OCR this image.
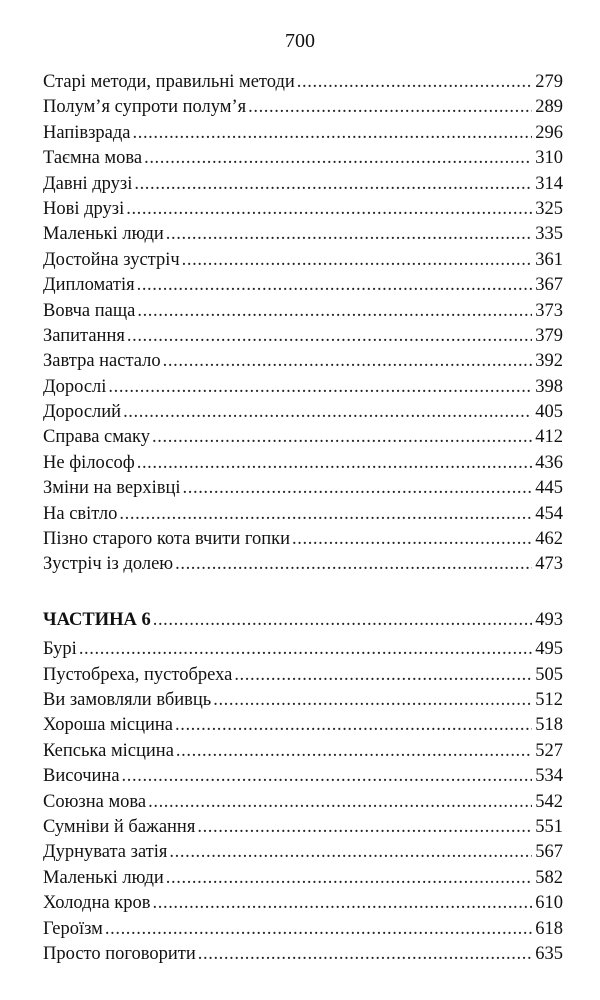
700
Старі методи, правильні методи .....	279
Полум’я супроти полум’я .....	289
Напівзрада .....	296
Таємна мова .....	310
Давні друзі .....	314
Нові друзі .....	325
Маленькі люди .....	335
Достойна зустріч .....	361
Дипломатія .....	367
Вовча паща .....	373
Запитання .....	379
Завтра настало .....	392
Дорослі .....	398
Дорослий .....	405
Справа смаку .....	412
Не філософ .....	436
Зміни на верхівці .....	445
На світло .....	454
Пізно старого кота вчити гопки .....	462
Зустріч із долею .....	473
ЧАСТИНА 6 .....	493
Бурі .....	495
Пустобреха, пустобреха .....	505
Ви замовляли вбивць .....	512
Хороша місцина .....	518
Кепська місцина .....	527
Височина .....	534
Союзна мова .....	542
Сумніви й бажання .....	551
Дурнувата затія .....	567
Маленькі люди .....	582
Холодна кров .....	610
Героїзм .....	618
Просто поговорити .....	635
